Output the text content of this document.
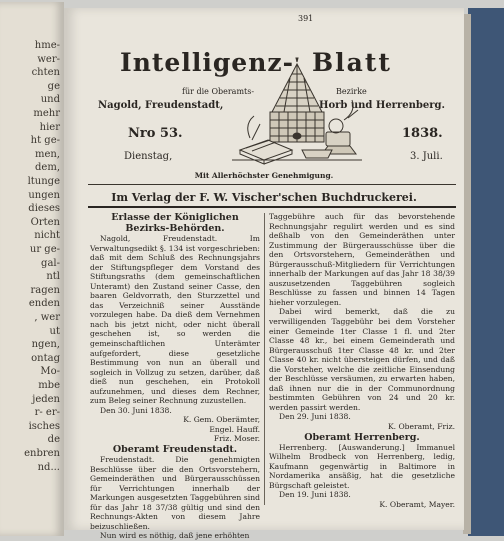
hme-
wer-
chten
ge
und
mehr
hier
ht ge-
men,
dem,
ltunge
ungen
dieses
Orten
nicht
ur ge-
gal-
ntl
ragen
enden
, wer
ut
ngen,
ontag
Mo-
mbe
jeden
r- er-
isches
de
enbren
nd...
391
Intelligenz- Blatt
für die Oberamts-	Bezirke
Nagold, Freudenstadt,	Horb und Herrenberg.
Nro 53.	1838.
Dienstag,	3. Juli.
Mit Allerhöchster Genehmigung.
Im Verlag der F. W. Vischer'schen Buchdruckerei.

Erlasse der Königlichen Bezirks-Behörden.

Nagold, Freudenstadt. Im Verwaltungsedikt §. 134 ist vorgeschrieben: daß mit dem Schluß des Rechnungsjahrs der Stiftungspfleger dem Vorstand des Stiftungsraths (dem gemeinschaftlichen Unteramt) den Zustand seiner Casse, den baaren Geldvorrath, den Sturzzettel und das Verzeichniß seiner Ausstände vorzulegen habe. Da dieß dem Vernehmen nach bis jetzt nicht, oder nicht überall geschehen ist, so werden die gemeinschaftlichen Unterämter aufgefordert, diese gesetzliche Bestimmung von nun an überall und sogleich in Vollzug zu setzen, darüber, daß dieß nun geschehen, ein Protokoll aufzunehmen, und dieses dem Rechner, zum Beleg seiner Rechnung zuzustellen.

Den 30. Juni 1838.

K. Gem. Oberämter,

Engel. Hauff.

Friz. Moser.

Oberamt Freudenstadt.

Freudenstadt. Die genehmigten Beschlüsse über die den Ortsvorstehern, Gemeinderäthen und Bürgerausschüssen für Verrichtungen innerhalb der Markungen ausgesetzten Taggebühren sind für das Jahr 18 37/38 gültig und sind den Rechnungs-Akten von diesem Jahre beizuschließen.

Nun wird es nöthig, daß jene erhöhten

Taggebühre auch für das bevorstehende Rechnungsjahr regulirt werden und es sind deßhalb von den Gemeinderäthen unter Zustimmung der Bürgerausschüsse über die den Ortsvorstehern, Gemeinderäthen und Bürgerausschuß-Mitgliedern für Verrichtungen innerhalb der Markungen auf das Jahr 18 38/39 auszusetzenden Taggebühren sogleich Beschlüsse zu fassen und binnen 14 Tagen hieher vorzulegen.

Dabei wird bemerkt, daß die zu verwilligenden Taggebühr bei dem Vorsteher einer Gemeinde 1ter Classe 1 fl. und 2ter Classe 48 kr., bei einem Gemeinderath und Bürgerausschuß 1ter Classe 48 kr. und 2ter Classe 40 kr. nicht übersteigen dürfen, und daß die Vorsteher, welche die zeitliche Einsendung der Beschlüsse versäumen, zu erwarten haben, daß ihnen nur die in der Communordnung bestimmten Gebühren von 24 und 20 kr. werden passirt werden.

Den 29. Juni 1838.

K. Oberamt, Friz.

Oberamt Herrenberg.

Herrenberg. [Auswanderung.] Immanuel Wilhelm Brodbeck von Herrenberg, ledig, Kaufmann gegenwärtig in Baltimore in Nordamerika ansäßig, hat die gesetzliche Bürgschaft geleistet.

Den 19. Juni 1838.

K. Oberamt, Mayer.
